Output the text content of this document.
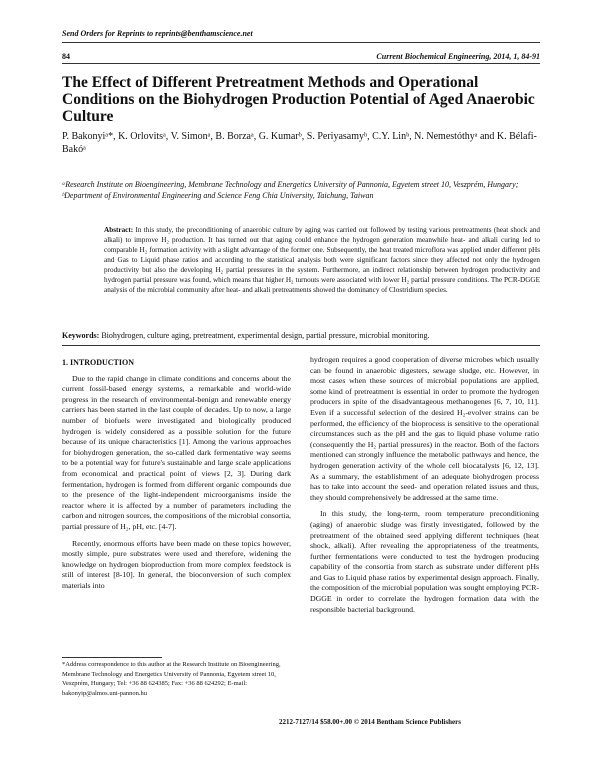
Send Orders for Reprints to reprints@benthamscience.net
84	Current Biochemical Engineering, 2014, 1, 84-91
The Effect of Different Pretreatment Methods and Operational Conditions on the Biohydrogen Production Potential of Aged Anaerobic Culture
P. Bakonyiᵃ*, K. Orlovitsᵃ, V. Simonᵃ, B. Borzaᵃ, G. Kumarᵇ, S. Periyasamyᵇ, C.Y. Linᵇ, N. Nemestóthyᵃ and K. Bélafi-Bakóᵃ
ᵃResearch Institute on Bioengineering, Membrane Technology and Energetics University of Pannonia, Egyetem street 10, Veszprém, Hungary; ᵇDepartment of Environmental Engineering and Science Feng Chia University, Taichung, Taiwan
Abstract: In this study, the preconditioning of anaerobic culture by aging was carried out followed by testing various pretreatments (heat shock and alkali) to improve H₂ production. It has turned out that aging could enhance the hydrogen generation meanwhile heat- and alkali curing led to comparable H₂ formation activity with a slight advantage of the former one. Subsequently, the heat treated microflora was applied under different pHs and Gas to Liquid phase ratios and according to the statistical analysis both were significant factors since they affected not only the hydrogen productivity but also the developing H₂ partial pressures in the system. Furthermore, an indirect relationship between hydrogen productivity and hydrogen partial pressure was found, which means that higher H₂ turnouts were associated with lower H₂ partial pressure conditions. The PCR-DGGE analysis of the microbial community after heat- and alkali pretreatments showed the dominancy of Clostridium species.
Keywords: Biohydrogen, culture aging, pretreatment, experimental design, partial pressure, microbial monitoring.
1. INTRODUCTION

Due to the rapid change in climate conditions and concerns about the current fossil-based energy systems, a remarkable and world-wide progress in the research of environmental-benign and renewable energy carriers has been started in the last couple of decades. Up to now, a large number of biofuels were investigated and biologically produced hydrogen is widely considered as a possible solution for the future because of its unique characteristics [1]. Among the various approaches for biohydrogen generation, the so-called dark fermentative way seems to be a potential way for future's sustainable and large scale applications from economical and practical point of views [2, 3]. During dark fermentation, hydrogen is formed from different organic compounds due to the presence of the light-independent microorganisms inside the reactor where it is affected by a number of parameters including the carbon and nitrogen sources, the compositions of the microbial consortia, partial pressure of H₂, pH, etc. [4-7].

Recently, enormous efforts have been made on these topics however, mostly simple, pure substrates were used and therefore, widening the knowledge on hydrogen bioproduction from more complex feedstock is still of interest [8-10]. In general, the bioconversion of such complex materials into

hydrogen requires a good cooperation of diverse microbes which usually can be found in anaerobic digesters, sewage sludge, etc. However, in most cases when these sources of microbial populations are applied, some kind of pretreatment is essential in order to promote the hydrogen producers in spite of the disadvantageous methanogenes [6, 7, 10, 11]. Even if a successful selection of the desired H₂-evolver strains can be performed, the efficiency of the bioprocess is sensitive to the operational circumstances such as the pH and the gas to liquid phase volume ratio (consequently the H₂ partial pressures) in the reactor. Both of the factors mentioned can strongly influence the metabolic pathways and hence, the hydrogen generation activity of the whole cell biocatalysts [6, 12, 13]. As a summary, the establishment of an adequate biohydrogen process has to take into account the seed- and operation related issues and thus, they should comprehensively be addressed at the same time.

In this study, the long-term, room temperature preconditioning (aging) of anaerobic sludge was firstly investigated, followed by the pretreatment of the obtained seed applying different techniques (heat shock, alkali). After revealing the appropriateness of the treatments, further fermentations were conducted to test the hydrogen producing capability of the consortia from starch as substrate under different pHs and Gas to Liquid phase ratios by experimental design approach. Finally, the composition of the microbial population was sought employing PCR-DGGE in order to correlate the hydrogen formation data with the responsible bacterial background.

*Address correspondence to this author at the Research Institute on Bioengineering, Membrane Technology and Energetics University of Pannonia, Egyetem street 10, Veszprém, Hungary; Tel: +36 88 624385; Fax: +36 88 624292; E-mail: bakonyip@almos.uni-pannon.hu
2212-7127/14 $58.00+.00 © 2014 Bentham Science Publishers
